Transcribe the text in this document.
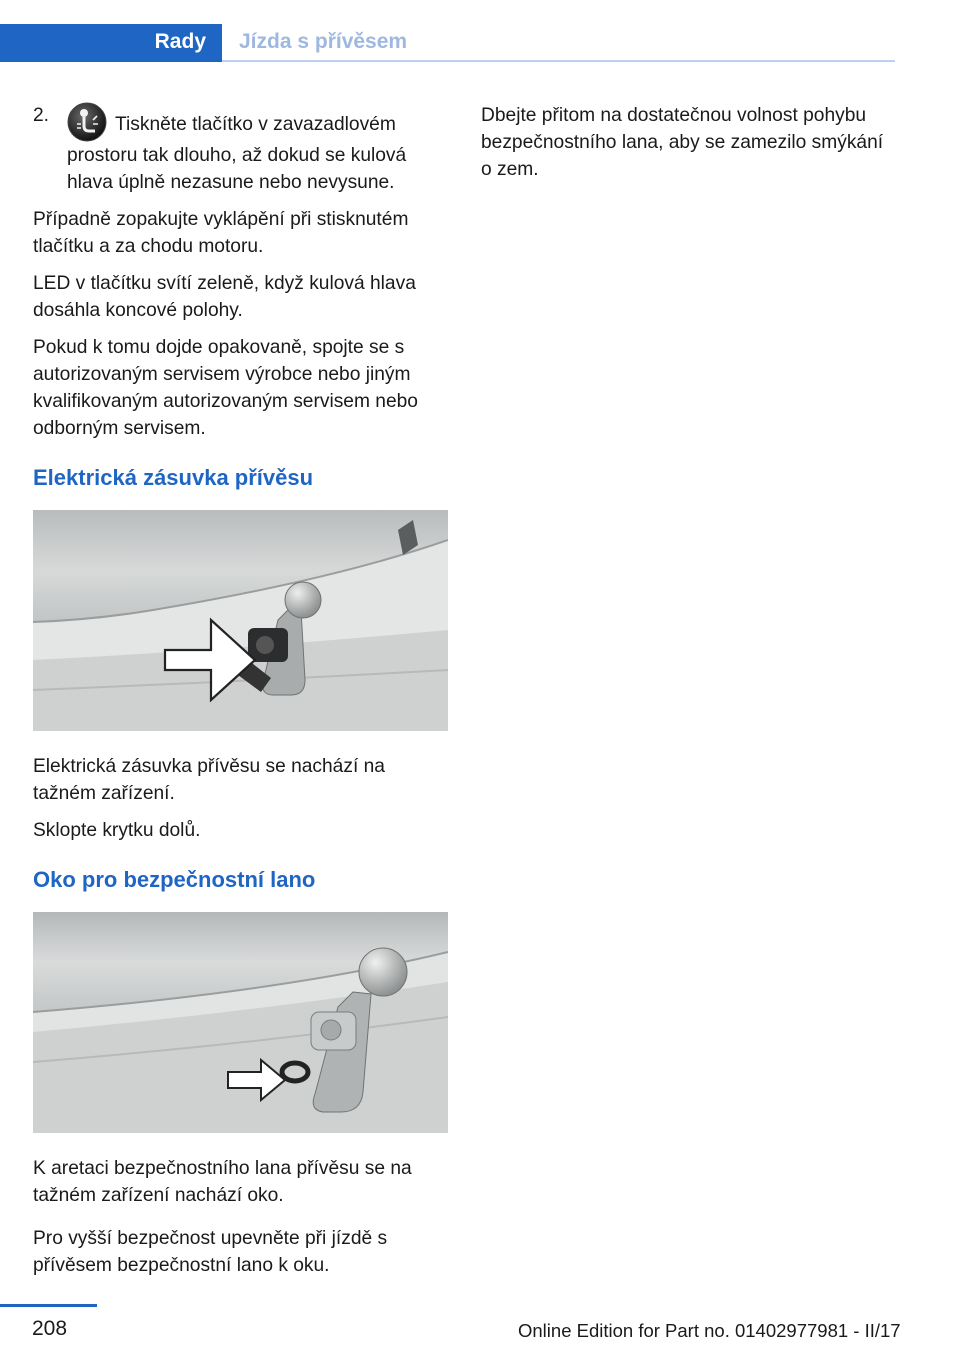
Rady Jízda s přívěsem
2.	Tiskněte tlačítko v zavazadlovém prostoru tak dlouho, až dokud se kulová hlava úplně nezasune nebo nevysune.

Případně zopakujte vyklápění při stisknutém tlačítku a za chodu motoru.

LED v tlačítku svítí zeleně, když kulová hlava dosáhla koncové polohy.

Pokud k tomu dojde opakovaně, spojte se s autorizovaným servisem výrobce nebo jiným kvalifikovaným autorizovaným servisem nebo odborným servisem.

Elektrická zásuvka přívěsu

Elektrická zásuvka přívěsu se nachází na tažném zařízení.

Sklopte krytku dolů.

Oko pro bezpečnostní lano

K aretaci bezpečnostního lana přívěsu se na tažném zařízení nachází oko.

Pro vyšší bezpečnost upevněte při jízdě s přívěsem bezpečnostní lano k oku.

Dbejte přitom na dostatečnou volnost pohybu bezpečnostního lana, aby se zamezilo smýkání o zem.

208	Online Edition for Part no. 01402977981 - II/17
